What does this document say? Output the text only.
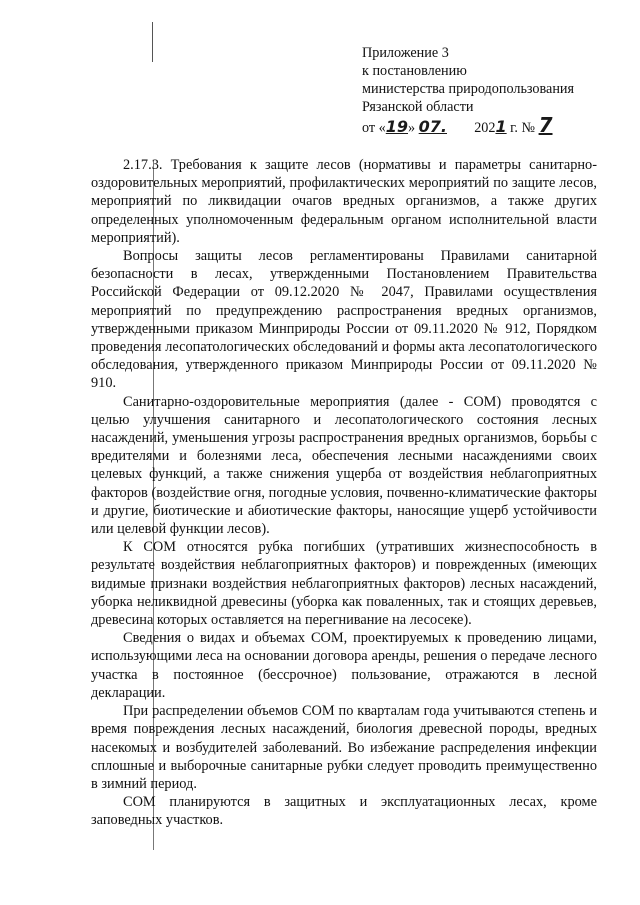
Приложение 3
к постановлению
министерства природопользования
Рязанской области
от «19» 07. 2021 г. № 7

2.17.3. Требования к защите лесов (нормативы и параметры санитарно-оздоровительных мероприятий, профилактических мероприятий по защите лесов, мероприятий по ликвидации очагов вредных организмов, а также других определенных уполномоченным федеральным органом исполнительной власти мероприятий).

Вопросы защиты лесов регламентированы Правилами санитарной безопасности в лесах, утвержденными Постановлением Правительства Российской Федерации от 09.12.2020 № 2047, Правилами осуществления мероприятий по предупреждению распространения вредных организмов, утвержденными приказом Минприроды России от 09.11.2020 № 912, Порядком проведения лесопатологических обследований и формы акта лесопатологического обследования, утвержденного приказом Минприроды России от 09.11.2020 № 910.

Санитарно-оздоровительные мероприятия (далее - СОМ) проводятся с целью улучшения санитарного и лесопатологического состояния лесных насаждений, уменьшения угрозы распространения вредных организмов, борьбы с вредителями и болезнями леса, обеспечения лесными насаждениями своих целевых функций, а также снижения ущерба от воздействия неблагоприятных факторов (воздействие огня, погодные условия, почвенно-климатические факторы и другие, биотические и абиотические факторы, наносящие ущерб устойчивости или целевой функции лесов).

К СОМ относятся рубка погибших (утративших жизнеспособность в результате воздействия неблагоприятных факторов) и поврежденных (имеющих видимые признаки воздействия неблагоприятных факторов) лесных насаждений, уборка неликвидной древесины (уборка как поваленных, так и стоящих деревьев, древесина которых оставляется на перегнивание на лесосеке).

Сведения о видах и объемах СОМ, проектируемых к проведению лицами, использующими леса на основании договора аренды, решения о передаче лесного участка в постоянное (бессрочное) пользование, отражаются в лесной декларации.

При распределении объемов СОМ по кварталам года учитываются степень и время повреждения лесных насаждений, биология древесной породы, вредных насекомых и возбудителей заболеваний. Во избежание распределения инфекции сплошные и выборочные санитарные рубки следует проводить преимущественно в зимний период.

СОМ планируются в защитных и эксплуатационных лесах, кроме заповедных участков.
